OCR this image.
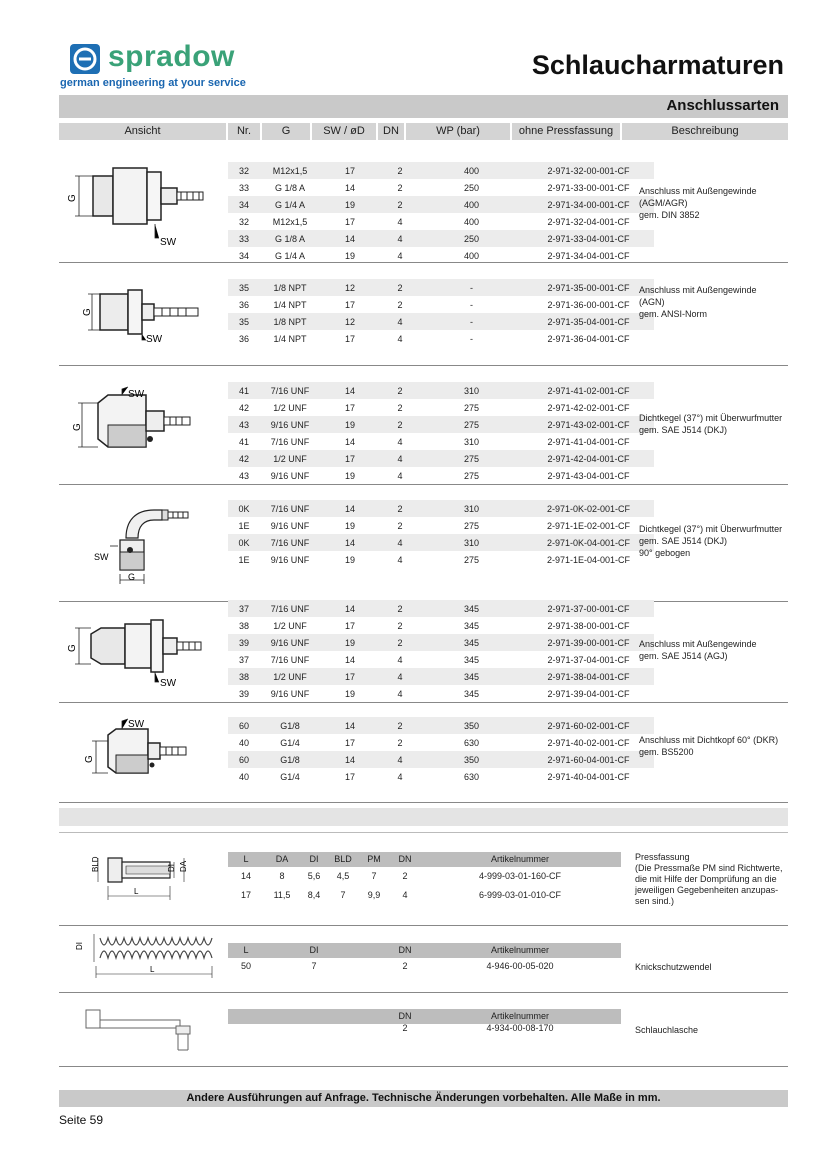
spradow
german engineering at your service
Schlaucharmaturen
Anschlussarten
Ansicht	Nr.	G	SW / øD	DN	WP (bar)	ohne Pressfassung	Beschreibung
G
SW
32	M12x1,5	17	2	400	2-971-32-00-001-CF
33	G 1/8 A	14	2	250	2-971-33-00-001-CF
34	G 1/4 A	19	2	400	2-971-34-00-001-CF
32	M12x1,5	17	4	400	2-971-32-04-001-CF
33	G 1/8 A	14	4	250	2-971-33-04-001-CF
34	G 1/4 A	19	4	400	2-971-34-04-001-CF
Anschluss mit Außengewinde
(AGM/AGR)
gem. DIN 3852
G
SW
35	1/8 NPT	12	2	-	2-971-35-00-001-CF
36	1/4 NPT	17	2	-	2-971-36-00-001-CF
35	1/8 NPT	12	4	-	2-971-35-04-001-CF
36	1/4 NPT	17	4	-	2-971-36-04-001-CF
Anschluss mit Außengewinde
(AGN)
gem. ANSI-Norm
G
SW	41	7/16 UNF	14	2	310	2-971-41-02-001-CF
42	1/2 UNF	17	2	275	2-971-42-02-001-CF
43	9/16 UNF	19	2	275	2-971-43-02-001-CF
41	7/16 UNF	14	4	310	2-971-41-04-001-CF
42	1/2 UNF	17	4	275	2-971-42-04-001-CF
43	9/16 UNF	19	4	275	2-971-43-04-001-CF
Dichtkegel (37°) mit Überwurfmutter
gem. SAE J514 (DKJ)
SW
G
0K	7/16 UNF	14	2	310	2-971-0K-02-001-CF
1E	9/16 UNF	19	2	275	2-971-1E-02-001-CF
0K	7/16 UNF	14	4	310	2-971-0K-04-001-CF
1E	9/16 UNF	19	4	275	2-971-1E-04-001-CF
Dichtkegel (37°) mit Überwurfmutter
gem. SAE J514 (DKJ)
90° gebogen
G
SW
37	7/16 UNF	14	2	345	2-971-37-00-001-CF
38	1/2 UNF	17	2	345	2-971-38-00-001-CF
39	9/16 UNF	19	2	345	2-971-39-00-001-CF
37	7/16 UNF	14	4	345	2-971-37-04-001-CF
38	1/2 UNF	17	4	345	2-971-38-04-001-CF
39	9/16 UNF	19	4	345	2-971-39-04-001-CF
Anschluss mit Außengewinde
gem. SAE J514 (AGJ)
G
SW	60	G1/8	14	2	350	2-971-60-02-001-CF
40	G1/4	17	2	630	2-971-40-02-001-CF
60	G1/8	14	4	350	2-971-60-04-001-CF
40	G1/4	17	4	630	2-971-40-04-001-CF
Anschluss mit Dichtkopf 60° (DKR)
gem. BS5200
BLD	DI DA
L
L	DA	DI	BLD	PM	DN	Artikelnummer
14	8	5,6	4,5	7	2	4-999-03-01-160-CF
17	11,5	8,4	7	9,9	4	6-999-03-01-010-CF
Pressfassung
(Die Pressmaße PM sind Richtwerte,
die mit Hilfe der Domprüfung an die
jeweiligen Gegebenheiten anzupas-
sen sind.)
DI
L
L	DI	DN	Artikelnummer
50	7	2	4-946-00-05-020	Knickschutzwendel
DN	Artikelnummer
2	4-934-00-08-170	Schlauchlasche
Andere Ausführungen auf Anfrage. Technische Änderungen vorbehalten. Alle Maße in mm.
Seite 59
